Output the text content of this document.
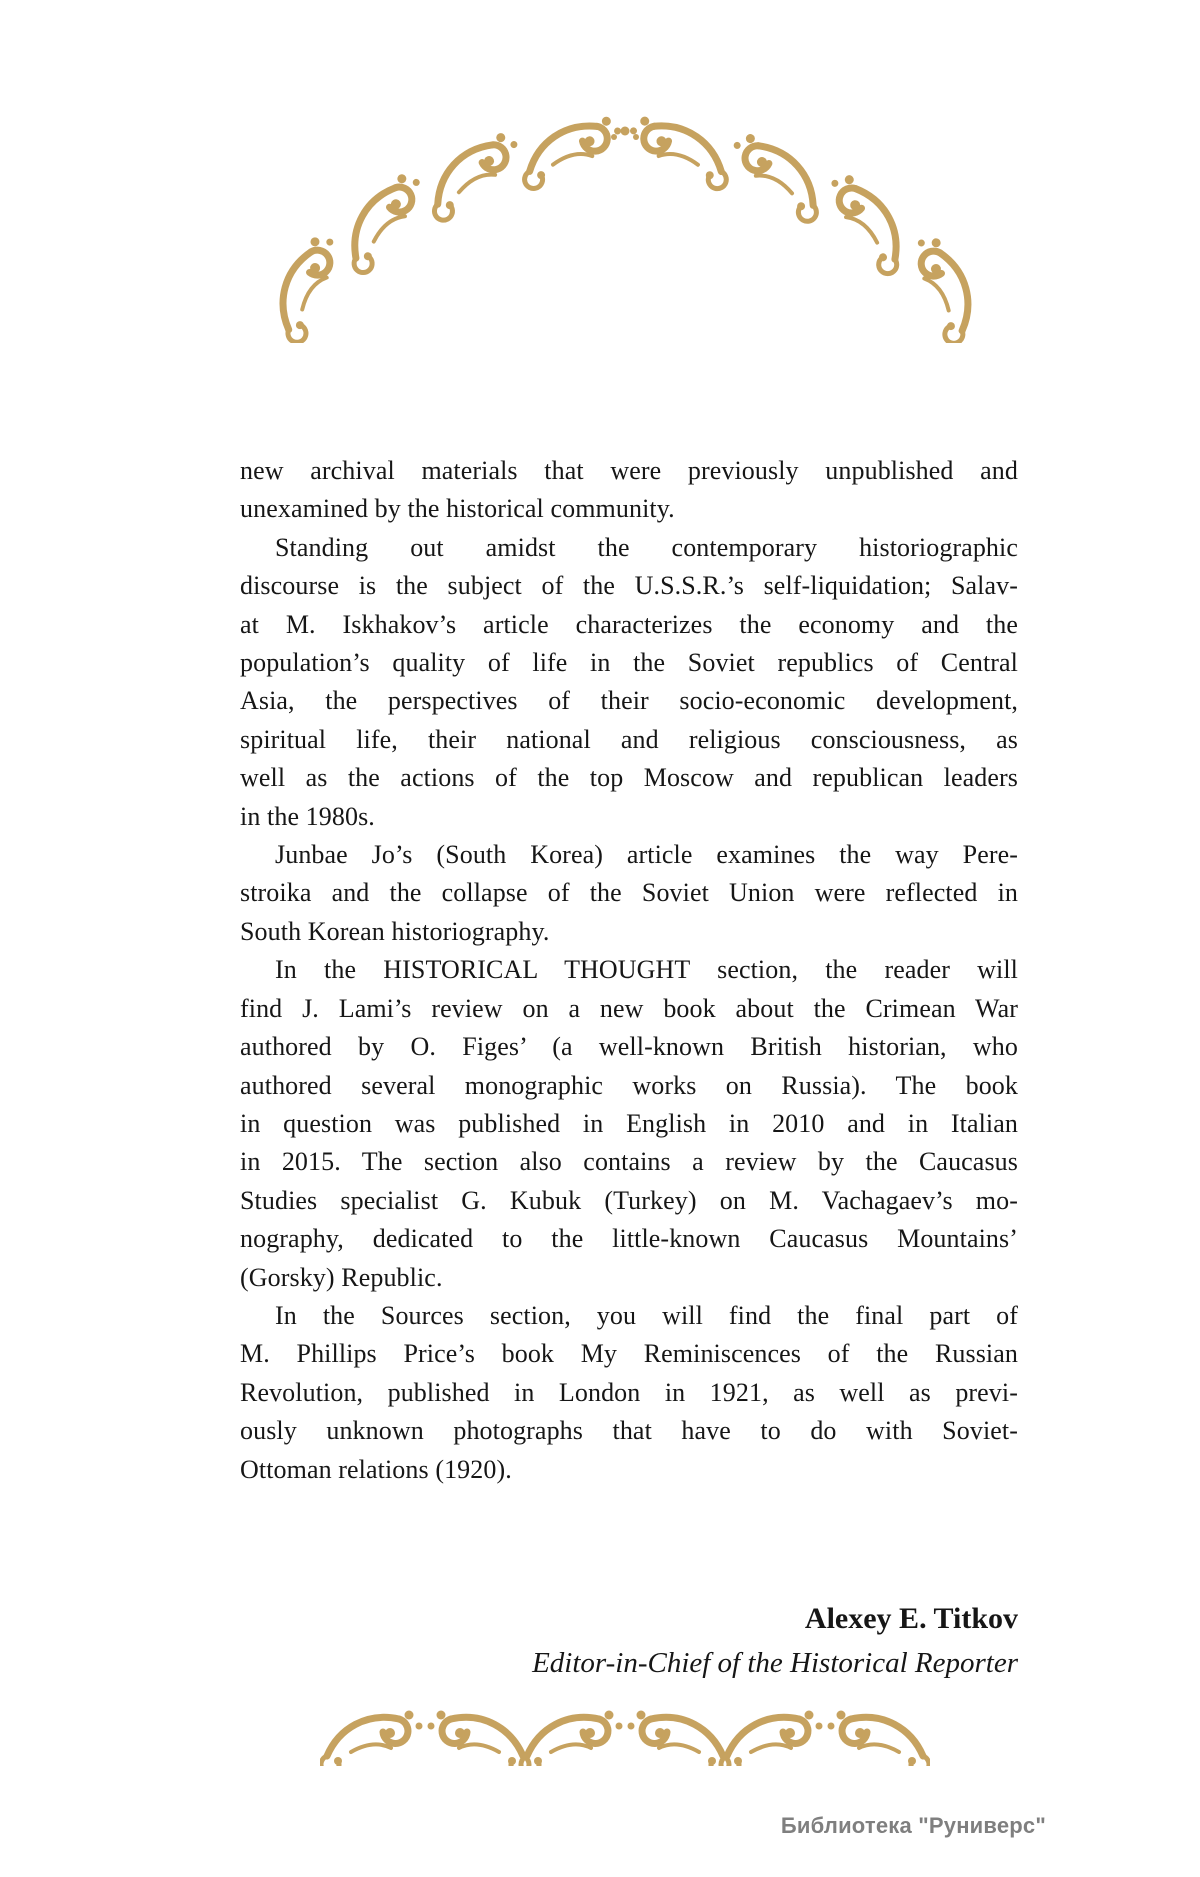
new archival materials that were previously unpublished and
unexamined by the historical community.
Standing out amidst the contemporary historiographic
discourse is the subject of the U.S.S.R.’s self-liquidation; Salav-
at M. Iskhakov’s article characterizes the economy and the
population’s quality of life in the Soviet republics of Central
Asia, the perspectives of their socio-economic development,
spiritual life, their national and religious consciousness, as
well as the actions of the top Moscow and republican leaders
in the 1980s.
Junbae Jo’s (South Korea) article examines the way Pere-
stroika and the collapse of the Soviet Union were reflected in
South Korean historiography.
In the HISTORICAL THOUGHT section, the reader will
find J. Lami’s review on a new book about the Crimean War
authored by O. Figes’ (a well-known British historian, who
authored several monographic works on Russia). The book
in question was published in English in 2010 and in Italian
in 2015. The section also contains a review by the Caucasus
Studies specialist G. Kubuk (Turkey) on M. Vachagaev’s mo-
nography, dedicated to the little-known Caucasus Mountains’
(Gorsky) Republic.
In the Sources section, you will find the final part of
M. Phillips Price’s book My Reminiscences of the Russian
Revolution, published in London in 1921, as well as previ-
ously unknown photographs that have to do with Soviet-
Ottoman relations (1920).
Alexey E. Titkov
Editor-in-Chief of the Historical Reporter
Библиотека "Руниверс"
